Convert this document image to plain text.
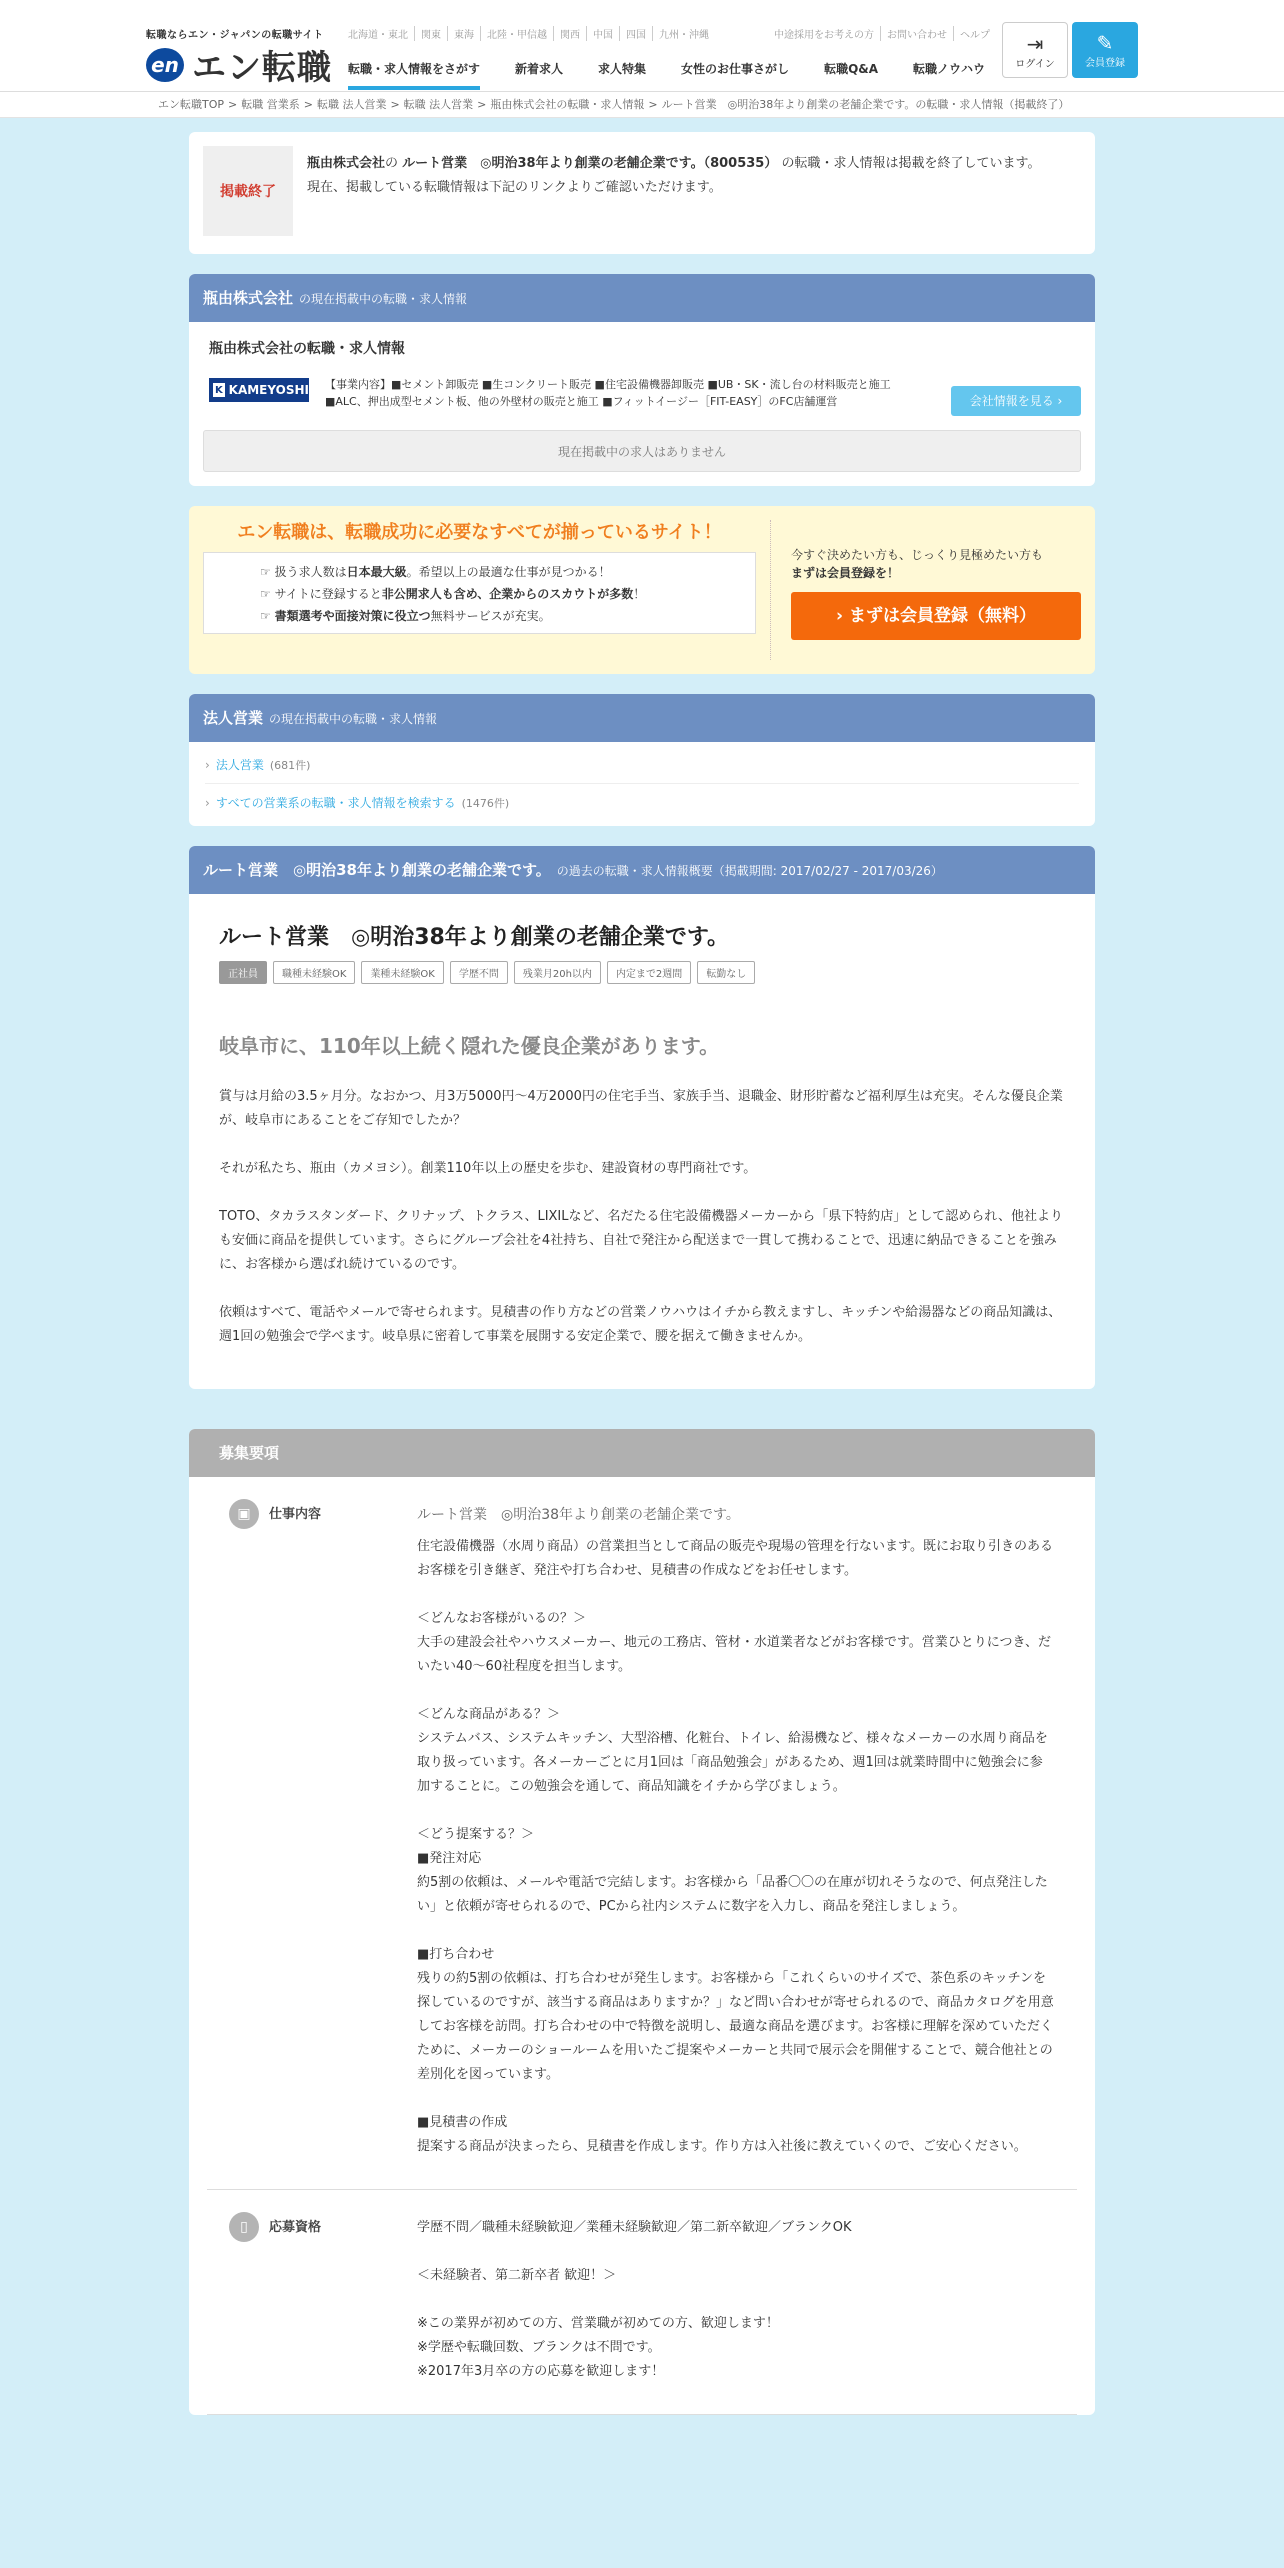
転職ならエン・ジャパンの転職サイト
en エン転職
北海道・東北	関東	東海	北陸・甲信越	関西	中国	四国	九州・沖縄	中途採用をお考えの方	お問い合わせ	ヘルプ
転職・求人情報をさがす	新着求人	求人特集	女性のお仕事さがし	転職Q&A	転職ノウハウ
⇥
ログイン
✎
会員登録
エン転職TOP > 転職 営業系 > 転職 法人営業 > 転職 法人営業 > 瓶由株式会社の転職・求人情報 > ルート営業　◎明治38年より創業の老舗企業です。の転職・求人情報（掲載終了）
掲載終了
瓶由株式会社の ルート営業　◎明治38年より創業の老舗企業です。（800535） の転職・求人情報は掲載を終了しています。
現在、掲載している転職情報は下記のリンクよりご確認いただけます。
瓶由株式会社 の現在掲載中の転職・求人情報
瓶由株式会社の転職・求人情報
K KAMEYOSHI 【事業内容】■セメント卸販売 ■生コンクリート販売 ■住宅設備機器卸販売 ■UB・SK・流し台の材料販売と施工 ■ALC、押出成型セメント板、他の外壁材の販売と施工 ■フィットイージー［FIT-EASY］のFC店舗運営	会社情報を見る ›
現在掲載中の求人はありません
エン転職は、転職成功に必要なすべてが揃っているサイト！
☞ 扱う求人数は日本最大級。希望以上の最適な仕事が見つかる！
☞ サイトに登録すると非公開求人も含め、企業からのスカウトが多数！
☞ 書類選考や面接対策に役立つ無料サービスが充実。
今すぐ決めたい方も、じっくり見極めたい方も
まずは会員登録を！
› まずは会員登録（無料）
法人営業 の現在掲載中の転職・求人情報
› 法人営業 (681件)
› すべての営業系の転職・求人情報を検索する (1476件)
ルート営業　◎明治38年より創業の老舗企業です。 の過去の転職・求人情報概要（掲載期間: 2017/02/27 - 2017/03/26）
ルート営業　◎明治38年より創業の老舗企業です。
正社員	職種未経験OK	業種未経験OK	学歴不問	残業月20h以内	内定まで2週間	転勤なし
岐阜市に、110年以上続く隠れた優良企業があります。

賞与は月給の3.5ヶ月分。なおかつ、月3万5000円〜4万2000円の住宅手当、家族手当、退職金、財形貯蓄など福利厚生は充実。そんな優良企業が、岐阜市にあることをご存知でしたか？

それが私たち、瓶由（カメヨシ）。創業110年以上の歴史を歩む、建設資材の専門商社です。

TOTO、タカラスタンダード、クリナップ、トクラス、LIXILなど、名だたる住宅設備機器メーカーから「県下特約店」として認められ、他社よりも安価に商品を提供しています。さらにグループ会社を4社持ち、自社で発注から配送まで一貫して携わることで、迅速に納品できることを強みに、お客様から選ばれ続けているのです。

依頼はすべて、電話やメールで寄せられます。見積書の作り方などの営業ノウハウはイチから教えますし、キッチンや給湯器などの商品知識は、週1回の勉強会で学べます。岐阜県に密着して事業を展開する安定企業で、腰を据えて働きませんか。

募集要項
▣	仕事内容	ルート営業　◎明治38年より創業の老舗企業です。

住宅設備機器（水周り商品）の営業担当として商品の販売や現場の管理を行ないます。既にお取り引きのあるお客様を引き継ぎ、発注や打ち合わせ、見積書の作成などをお任せします。

＜どんなお客様がいるの？＞
大手の建設会社やハウスメーカー、地元の工務店、管材・水道業者などがお客様です。営業ひとりにつき、だいたい40〜60社程度を担当します。

＜どんな商品がある？＞
システムバス、システムキッチン、大型浴槽、化粧台、トイレ、給湯機など、様々なメーカーの水周り商品を取り扱っています。各メーカーごとに月1回は「商品勉強会」があるため、週1回は就業時間中に勉強会に参加することに。この勉強会を通して、商品知識をイチから学びましょう。

＜どう提案する？＞
■発注対応
約5割の依頼は、メールや電話で完結します。お客様から「品番〇〇の在庫が切れそうなので、何点発注したい」と依頼が寄せられるので、PCから社内システムに数字を入力し、商品を発注しましょう。

■打ち合わせ
残りの約5割の依頼は、打ち合わせが発生します。お客様から「これくらいのサイズで、茶色系のキッチンを探しているのですが、該当する商品はありますか？」など問い合わせが寄せられるので、商品カタログを用意してお客様を訪問。打ち合わせの中で特徴を説明し、最適な商品を選びます。お客様に理解を深めていただくために、メーカーのショールームを用いたご提案やメーカーと共同で展示会を開催することで、競合他社との差別化を図っています。

■見積書の作成
提案する商品が決まったら、見積書を作成します。作り方は入社後に教えていくので、ご安心ください。

▯	応募資格	学歴不問／職種未経験歓迎／業種未経験歓迎／第二新卒歓迎／ブランクOK

＜未経験者、第二新卒者 歓迎！＞

※この業界が初めての方、営業職が初めての方、歓迎します！
※学歴や転職回数、ブランクは不問です。
※2017年3月卒の方の応募を歓迎します！
